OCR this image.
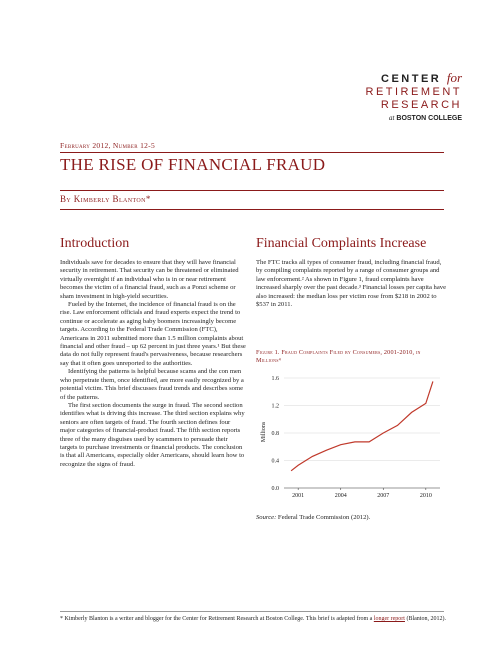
CENTER for
RETIREMENT
RESEARCH
at BOSTON COLLEGE
February 2012, Number 12-5
THE RISE OF FINANCIAL FRAUD
By Kimberly Blanton*
Introduction

Individuals save for decades to ensure that they will have financial security in retirement. That security can be threatened or eliminated virtually overnight if an individual who is in or near retirement becomes the victim of a financial fraud, such as a Ponzi scheme or sham investment in high-yield securities.

Fueled by the Internet, the incidence of financial fraud is on the rise. Law enforcement officials and fraud experts expect the trend to continue or accelerate as aging baby boomers increasingly become targets. According to the Federal Trade Commission (FTC), Americans in 2011 submitted more than 1.5 million complaints about financial and other fraud – up 62 percent in just three years.¹ But these data do not fully represent fraud's pervasiveness, because researchers say that it often goes unreported to the authorities.

Identifying the patterns is helpful because scams and the con men who perpetrate them, once identified, are more easily recognized by a potential victim. This brief discusses fraud trends and describes some of the patterns.

The first section documents the surge in fraud. The second section identifies what is driving this increase. The third section explains why seniors are often targets of fraud. The fourth section defines four major categories of financial-product fraud. The fifth section reports three of the many disguises used by scammers to persuade their targets to purchase investments or financial products. The conclusion is that all Americans, especially older Americans, should learn how to recognize the signs of fraud.

Financial Complaints Increase

The FTC tracks all types of consumer fraud, including financial fraud, by compiling complaints reported by a range of consumer groups and law enforcement.² As shown in Figure 1, fraud complaints have increased sharply over the past decade.³ Financial losses per capita have also increased: the median loss per victim rose from $218 in 2002 to $537 in 2011.

Figure 1. Fraud Complaints Filed by Consumers, 2001-2010, in Millions⁴
Millions
0.0
0.4
0.8
1.2
1.6
2001	2004	2007	2010
Source: Federal Trade Commission (2012).
* Kimberly Blanton is a writer and blogger for the Center for Retirement Research at Boston College. This brief is adapted from a longer report (Blanton, 2012).
